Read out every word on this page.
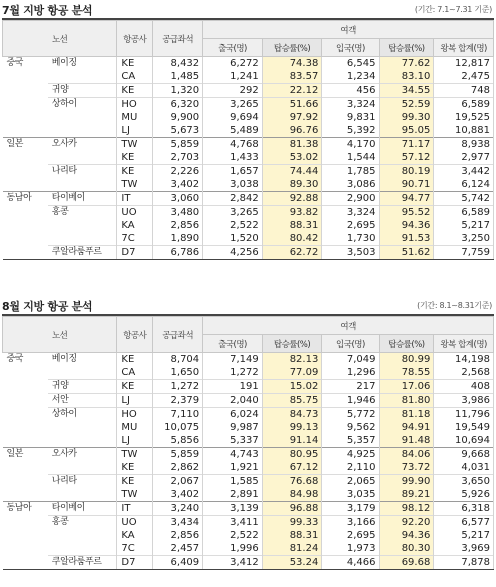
7월 지방 항공 분석	(기간: 7.1~7.31 기준)
노선		항공사	공급좌석	여객				
				출국(명)	탑승률(%)	입국(명)	탑승률(%)	왕복 합계(명)
중국	베이징	KE	8,432	6,272	74.38	6,545	77.62	12,817
		CA	1,485	1,241	83.57	1,234	83.10	2,475
	귀양	KE	1,320	292	22.12	456	34.55	748
	상하이	HO	6,320	3,265	51.66	3,324	52.59	6,589
		MU	9,900	9,694	97.92	9,831	99.30	19,525
		LJ	5,673	5,489	96.76	5,392	95.05	10,881
일본	오사카	TW	5,859	4,768	81.38	4,170	71.17	8,938
		KE	2,703	1,433	53.02	1,544	57.12	2,977
	나리타	KE	2,226	1,657	74.44	1,785	80.19	3,442
		TW	3,402	3,038	89.30	3,086	90.71	6,124
동남아	타이베이	IT	3,060	2,842	92.88	2,900	94.77	5,742
	홍콩	UO	3,480	3,265	93.82	3,324	95.52	6,589
		KA	2,856	2,522	88.31	2,695	94.36	5,217
		7C	1,890	1,520	80.42	1,730	91.53	3,250
	쿠알라룸푸르	D7	6,786	4,256	62.72	3,503	51.62	7,759
8월 지방 항공 분석	(기간: 8.1~8.31기준)
노선		항공사	공급좌석	여객				
				출국(명)	탑승률(%)	입국(명)	탑승률(%)	왕복 합계(명)
중국	베이징	KE	8,704	7,149	82.13	7,049	80.99	14,198
		CA	1,650	1,272	77.09	1,296	78.55	2,568
	귀양	KE	1,272	191	15.02	217	17.06	408
	서안	LJ	2,379	2,040	85.75	1,946	81.80	3,986
	상하이	HO	7,110	6,024	84.73	5,772	81.18	11,796
		MU	10,075	9,987	99.13	9,562	94.91	19,549
		LJ	5,856	5,337	91.14	5,357	91.48	10,694
일본	오사카	TW	5,859	4,743	80.95	4,925	84.06	9,668
		KE	2,862	1,921	67.12	2,110	73.72	4,031
	나리타	KE	2,067	1,585	76.68	2,065	99.90	3,650
		TW	3,402	2,891	84.98	3,035	89.21	5,926
동남아	타이베이	IT	3,240	3,139	96.88	3,179	98.12	6,318
	홍콩	UO	3,434	3,411	99.33	3,166	92.20	6,577
		KA	2,856	2,522	88.31	2,695	94.36	5,217
		7C	2,457	1,996	81.24	1,973	80.30	3,969
	쿠알라룸푸르	D7	6,409	3,412	53.24	4,466	69.68	7,878
